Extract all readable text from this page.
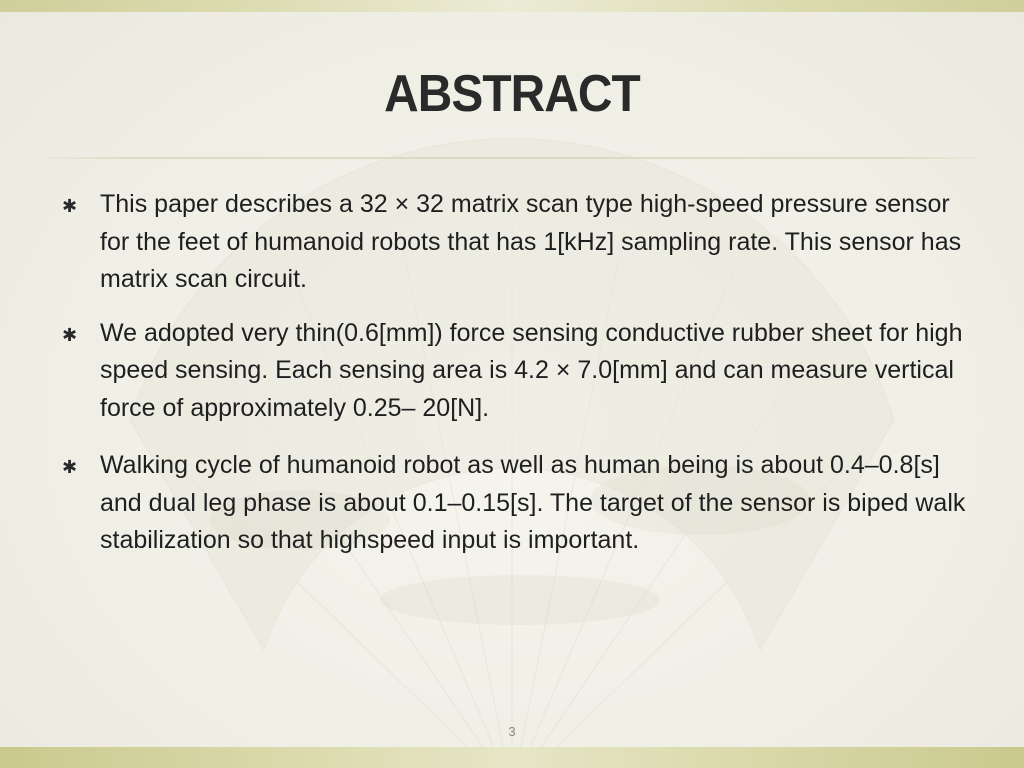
ABSTRACT
✱ This paper describes a 32 × 32 matrix scan type high-speed pressure sensor for the feet of humanoid robots that has 1[kHz] sampling rate. This sensor has matrix scan circuit.
✱ We adopted very thin(0.6[mm]) force sensing conductive rubber sheet for high speed sensing. Each sensing area is 4.2 × 7.0[mm] and can measure vertical force of approximately 0.25– 20[N].
✱ Walking cycle of humanoid robot as well as human being is about 0.4–0.8[s] and dual leg phase is about 0.1–0.15[s]. The target of the sensor is biped walk stabilization so that highspeed input is important.
3
